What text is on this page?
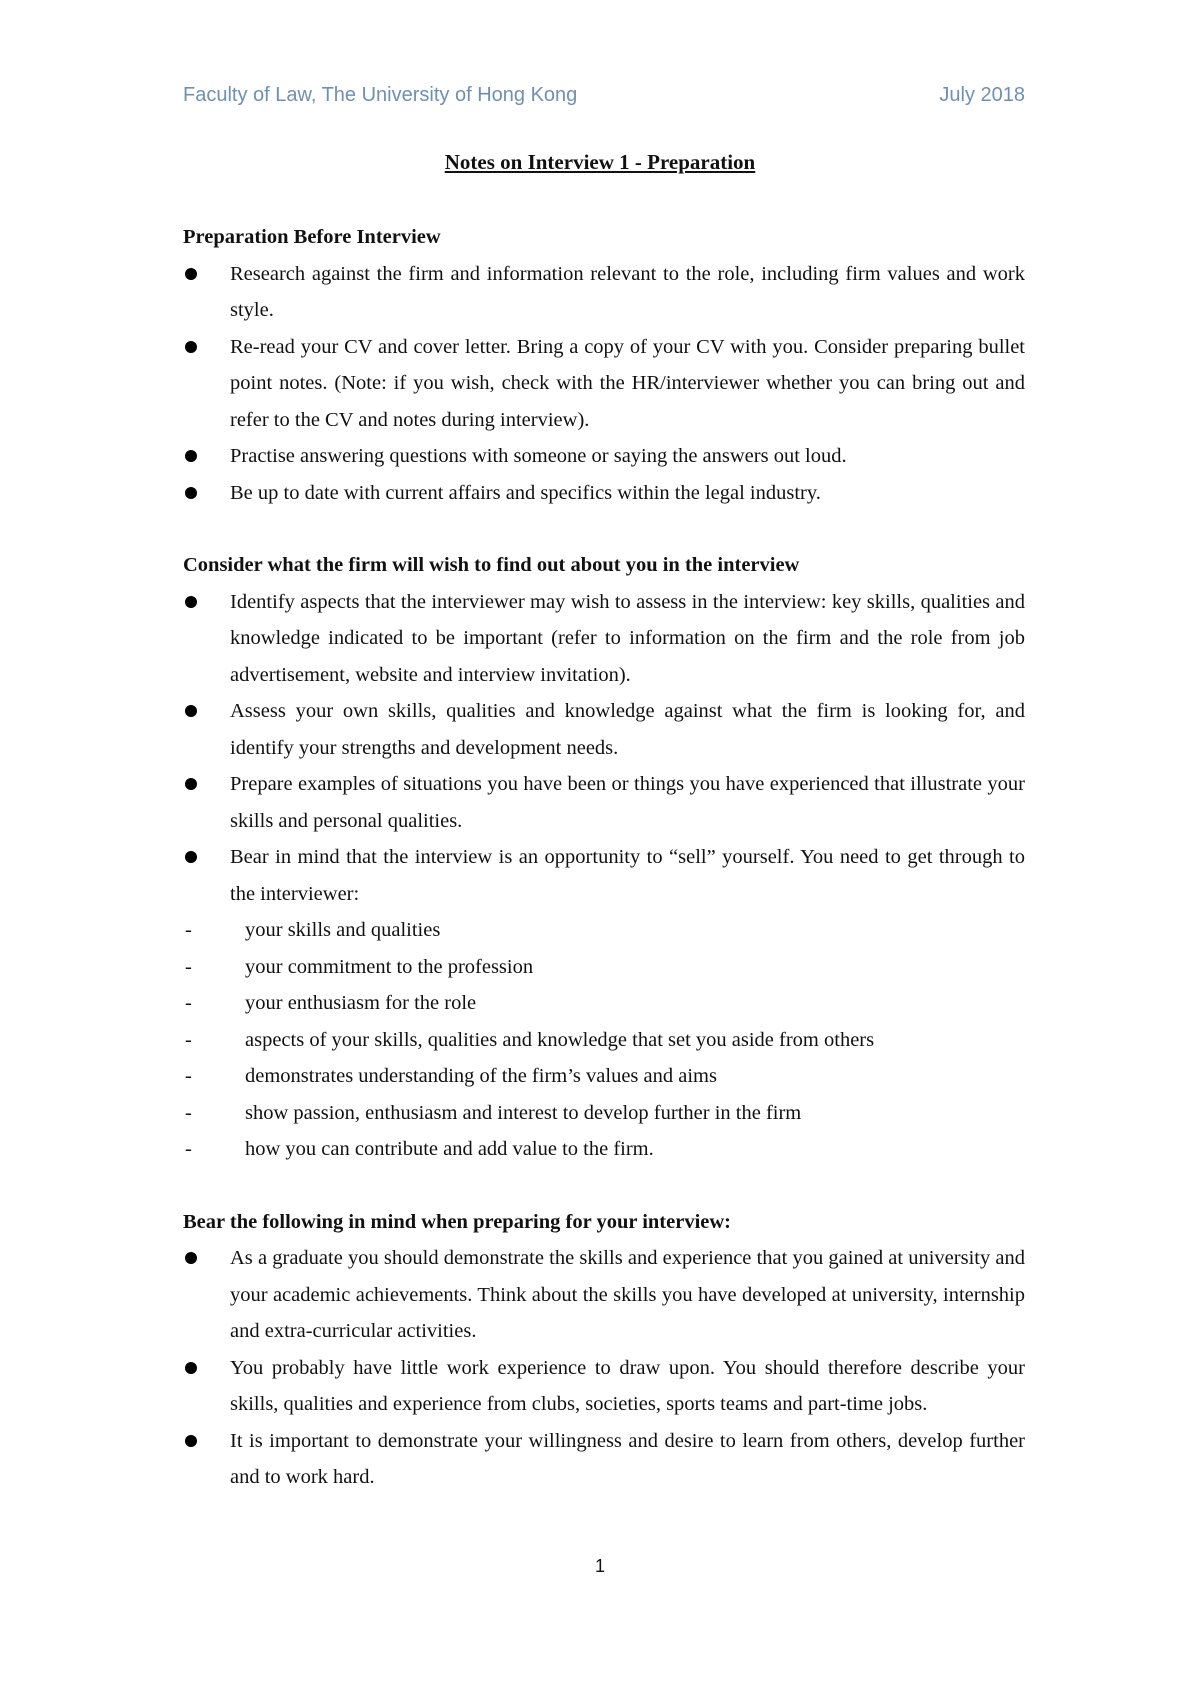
Faculty of Law, The University of Hong Kong	July 2018
Notes on Interview 1 - Preparation
Preparation Before Interview
Research against the firm and information relevant to the role, including firm values and work style.
Re-read your CV and cover letter. Bring a copy of your CV with you. Consider preparing bullet point notes. (Note: if you wish, check with the HR/interviewer whether you can bring out and refer to the CV and notes during interview).
Practise answering questions with someone or saying the answers out loud.
Be up to date with current affairs and specifics within the legal industry.
Consider what the firm will wish to find out about you in the interview
Identify aspects that the interviewer may wish to assess in the interview: key skills, qualities and knowledge indicated to be important (refer to information on the firm and the role from job advertisement, website and interview invitation).
Assess your own skills, qualities and knowledge against what the firm is looking for, and identify your strengths and development needs.
Prepare examples of situations you have been or things you have experienced that illustrate your skills and personal qualities.
Bear in mind that the interview is an opportunity to “sell” yourself. You need to get through to the interviewer:
-	your skills and qualities
-	your commitment to the profession
-	your enthusiasm for the role
-	aspects of your skills, qualities and knowledge that set you aside from others
-	demonstrates understanding of the firm’s values and aims
-	show passion, enthusiasm and interest to develop further in the firm
-	how you can contribute and add value to the firm.
Bear the following in mind when preparing for your interview:
As a graduate you should demonstrate the skills and experience that you gained at university and your academic achievements. Think about the skills you have developed at university, internship and extra-curricular activities.
You probably have little work experience to draw upon. You should therefore describe your skills, qualities and experience from clubs, societies, sports teams and part-time jobs.
It is important to demonstrate your willingness and desire to learn from others, develop further and to work hard.
1
